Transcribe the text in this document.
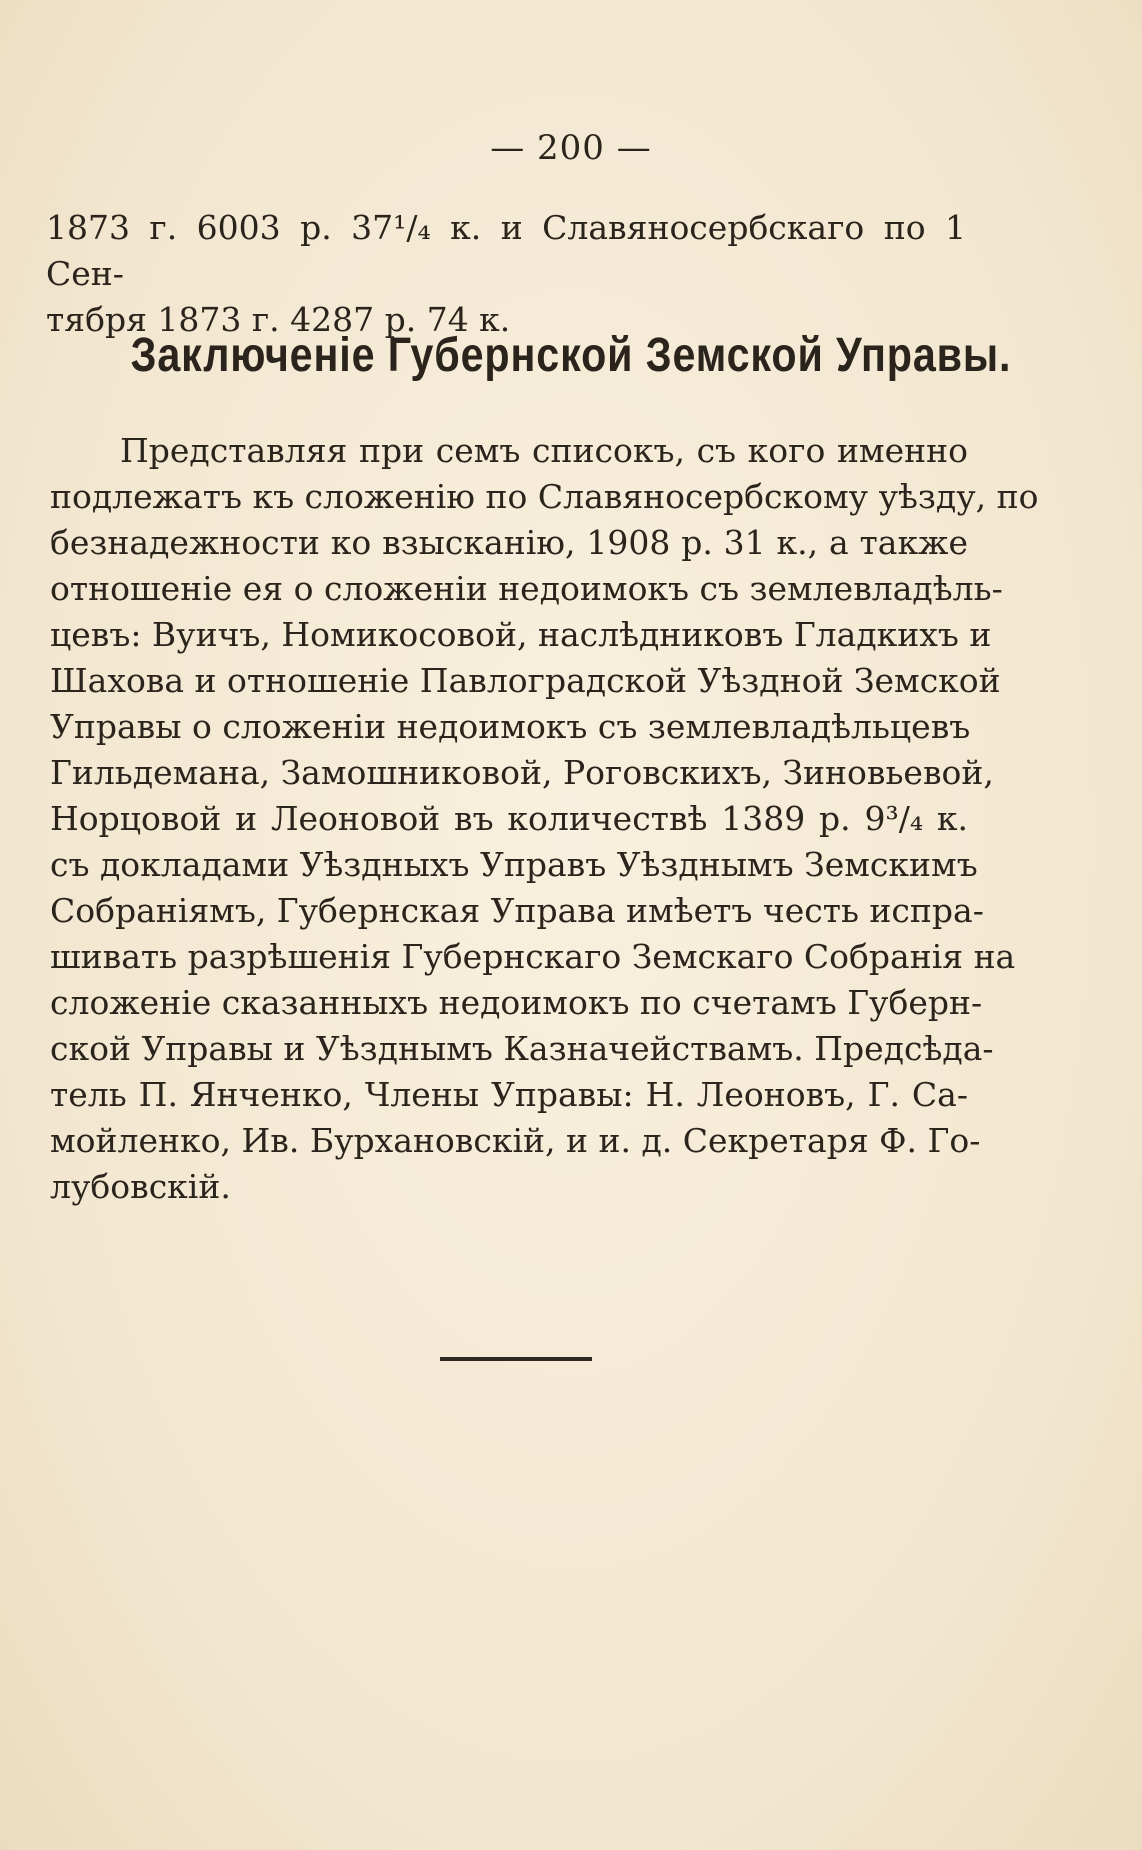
— 200 —

1873 г. 6003 р. 37¹/₄ к. и Славяносербскаго по 1 Сен-
тября 1873 г. 4287 р. 74 к.

Заключеніе Губернской Земской Управы.

Представляя при семъ списокъ, съ кого именно
подлежатъ къ сложенію по Славяносербскому уѣзду, по
безнадежности ко взысканію, 1908 р. 31 к., а также
отношеніе ея о сложеніи недоимокъ съ землевладѣль-
цевъ: Вуичъ, Номикосовой, наслѣдниковъ Гладкихъ и
Шахова и отношеніе Павлоградской Уѣздной Земской
Управы о сложеніи недоимокъ съ землевладѣльцевъ
Гильдемана, Замошниковой, Роговскихъ, Зиновьевой,
Норцовой и Леоновой въ количествѣ 1389 р. 9³/₄ к.
съ докладами Уѣздныхъ Управъ Уѣзднымъ Земскимъ
Собраніямъ, Губернская Управа имѣетъ честь испра-
шивать разрѣшенія Губернскаго Земскаго Собранія на
сложеніе сказанныхъ недоимокъ по счетамъ Губерн-
ской Управы и Уѣзднымъ Казначействамъ. Предсѣда-
тель П. Янченко, Члены Управы: Н. Леоновъ, Г. Са-
мойленко, Ив. Бурхановскій, и и. д. Секретаря Ф. Го-
лубовскій.
